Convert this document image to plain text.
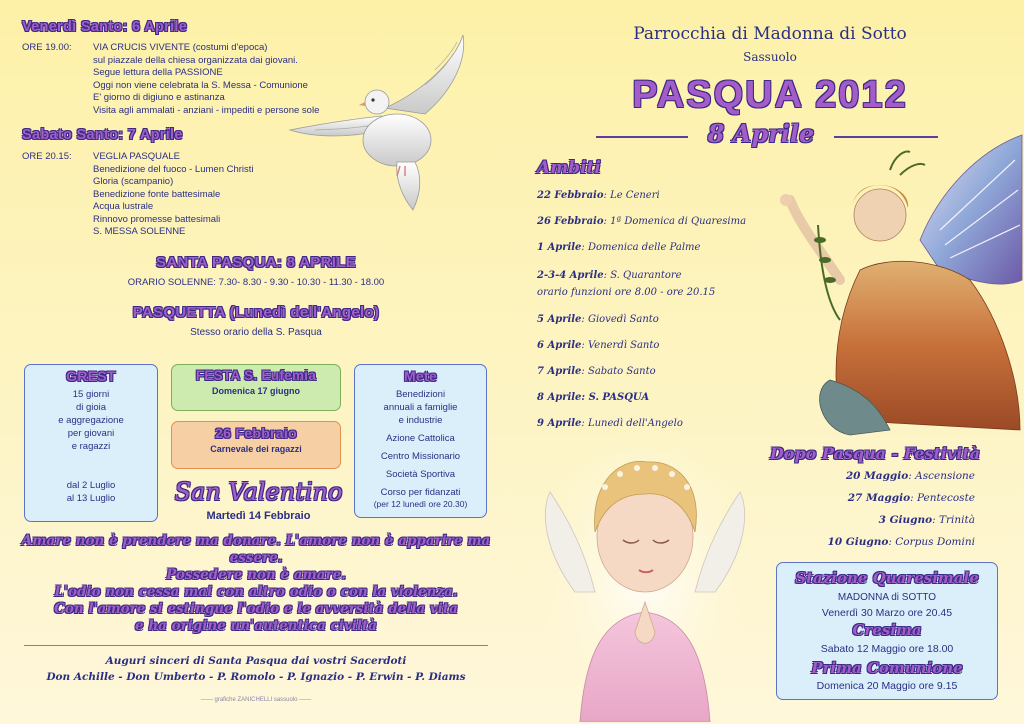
Venerdì Santo: 6 Aprile
ORE 19.00:	VIA CRUCIS VIVENTE (costumi d'epoca)
sul piazzale della chiesa organizzata dai giovani.
Segue lettura della PASSIONE
Oggi non viene celebrata la S. Messa - Comunione
E' giorno di digiuno e astinanza
Visita agli ammalati - anziani - impediti e persone sole
Sabato Santo: 7 Aprile
ORE 20.15:	VEGLIA PASQUALE
Benedizione del fuoco - Lumen Christi
Gloria (scampanio)
Benedizione fonte battesimale
Acqua lustrale
Rinnovo promesse battesimali
S. MESSA SOLENNE
SANTA PASQUA: 8 APRILE
ORARIO SOLENNE: 7.30- 8.30 - 9.30 - 10.30 - 11.30 - 18.00
PASQUETTA (Lunedì dell'Angelo)
Stesso orario della S. Pasqua
GREST
15 giorni
di gioia
e aggregazione
per giovani
e ragazzi
dal 2 Luglio
al 13 Luglio
FESTA S. Eufemia
Domenica 17 giugno
26 Febbraio
Carnevale dei ragazzi
Mete
Benedizioni
annuali a famiglie
e industrie
Azione Cattolica
Centro Missionario
Società Sportiva
Corso per fidanzati
(per 12 lunedì ore 20.30)
San Valentino
Martedì 14 Febbraio
Amare non è prendere ma donare. L'amore non è apparire ma essere.
Possedere non è amare.
L'odio non cessa mai con altro odio o con la violenza.
Con l'amore si estingue l'odio e le avversità della vita
e ha origine un'autentica civiltà
Auguri sinceri di Santa Pasqua dai vostri Sacerdoti
Don Achille - Don Umberto - P. Romolo - P. Ignazio - P. Erwin - P. Diams
—— grafiche ZANICHELLI sassuolo ——
Parrocchia di Madonna di Sotto
Sassuolo
PASQUA 2012
8 Aprile
Ambiti
22 Febbraio: Le Ceneri
26 Febbraio: 1ª Domenica di Quaresima
1 Aprile: Domenica delle Palme
2-3-4 Aprile: S. Quarantore
orario funzioni ore 8.00 - ore 20.15
5 Aprile: Giovedì Santo
6 Aprile: Venerdì Santo
7 Aprile: Sabato Santo
8 Aprile: S. PASQUA
9 Aprile: Lunedì dell'Angelo
Dopo Pasqua - Festività
20 Maggio: Ascensione
27 Maggio: Pentecoste
3 Giugno: Trinità
10 Giugno: Corpus Domini
Stazione Quaresimale
MADONNA di SOTTO
Venerdì 30 Marzo ore 20.45
Cresima
Sabato 12 Maggio ore 18.00
Prima Comunione
Domenica 20 Maggio ore 9.15
